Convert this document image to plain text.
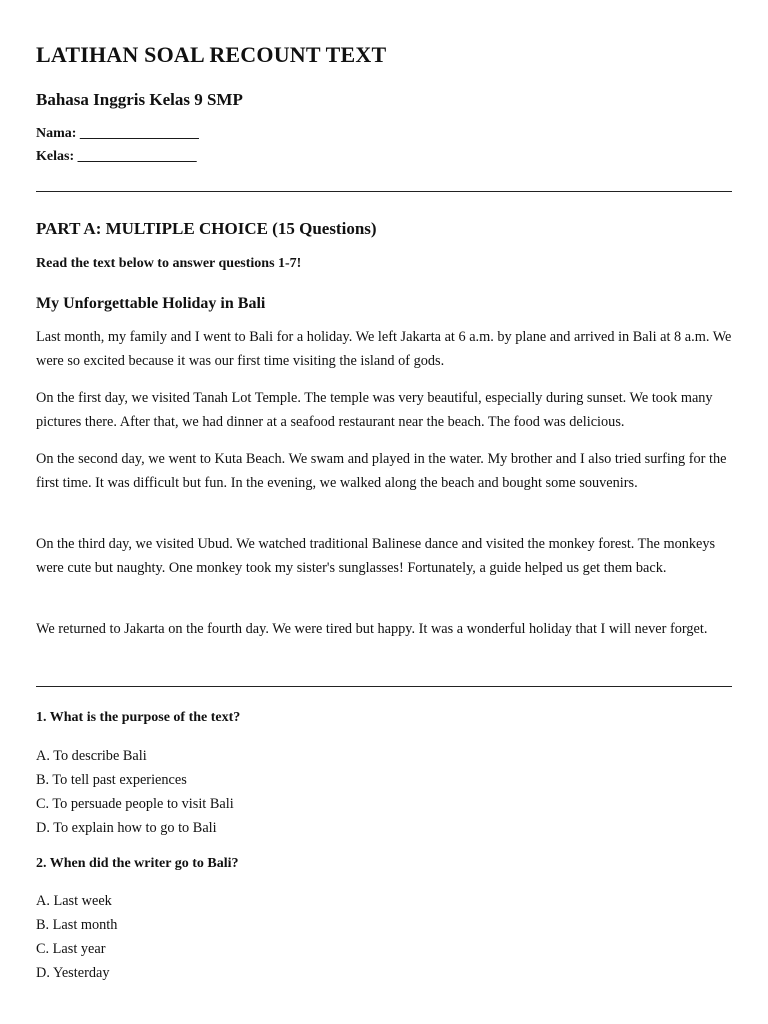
LATIHAN SOAL RECOUNT TEXT
Bahasa Inggris Kelas 9 SMP
Nama: _________________
Kelas: _________________
PART A: MULTIPLE CHOICE (15 Questions)

Read the text below to answer questions 1-7!

My Unforgettable Holiday in Bali

Last month, my family and I went to Bali for a holiday. We left Jakarta at 6 a.m. by plane and arrived in Bali at 8 a.m. We were so excited because it was our first time visiting the island of gods.

On the first day, we visited Tanah Lot Temple. The temple was very beautiful, especially during sunset. We took many pictures there. After that, we had dinner at a seafood restaurant near the beach. The food was delicious.

On the second day, we went to Kuta Beach. We swam and played in the water. My brother and I also tried surfing for the first time. It was difficult but fun. In the evening, we walked along the beach and bought some souvenirs.

On the third day, we visited Ubud. We watched traditional Balinese dance and visited the monkey forest. The monkeys were cute but naughty. One monkey took my sister's sunglasses! Fortunately, a guide helped us get them back.

We returned to Jakarta on the fourth day. We were tired but happy. It was a wonderful holiday that I will never forget.

1. What is the purpose of the text?

A. To describe Bali

B. To tell past experiences

C. To persuade people to visit Bali

D. To explain how to go to Bali

2. When did the writer go to Bali?

A. Last week

B. Last month

C. Last year

D. Yesterday
